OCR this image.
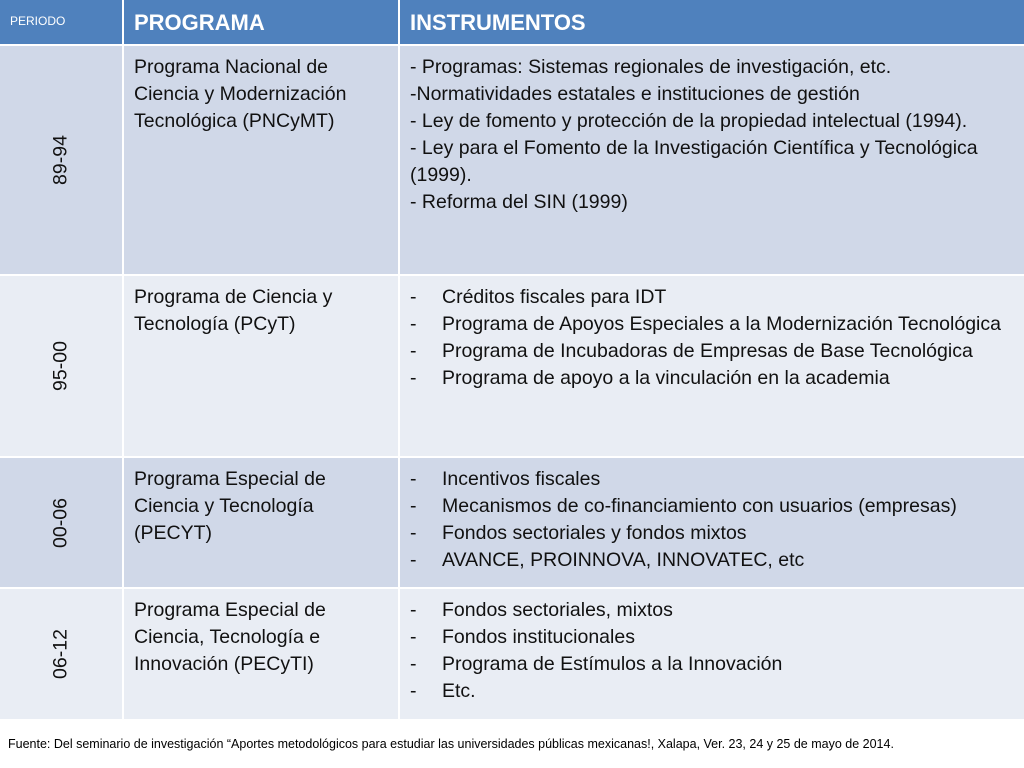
PERIODO	PROGRAMA	INSTRUMENTOS
89-94
Programa Nacional de Ciencia y Modernización Tecnológica (PNCyMT)
- Programas: Sistemas regionales de investigación, etc.
-Normatividades estatales e instituciones de gestión
- Ley de fomento y protección de la propiedad intelectual (1994).
- Ley para el Fomento de la Investigación Científica y Tecnológica (1999).
- Reforma del SIN (1999)
95-00
Programa de Ciencia y Tecnología (PCyT)
- Créditos fiscales para IDT
- Programa de Apoyos Especiales a la Modernización Tecnológica
- Programa de Incubadoras de Empresas de Base Tecnológica
- Programa de apoyo a la vinculación en la academia
00-06
Programa Especial de Ciencia y Tecnología (PECYT)
- Incentivos fiscales
- Mecanismos de co-financiamiento con usuarios (empresas)
- Fondos sectoriales y fondos mixtos
- AVANCE, PROINNOVA, INNOVATEC, etc
06-12
Programa Especial de Ciencia, Tecnología e Innovación (PECyTI)
- Fondos sectoriales, mixtos
- Fondos institucionales
- Programa de Estímulos a la Innovación
- Etc.
Fuente: Del seminario de investigación “Aportes metodológicos para estudiar las universidades públicas mexicanas!, Xalapa, Ver. 23, 24 y 25 de mayo de 2014.
